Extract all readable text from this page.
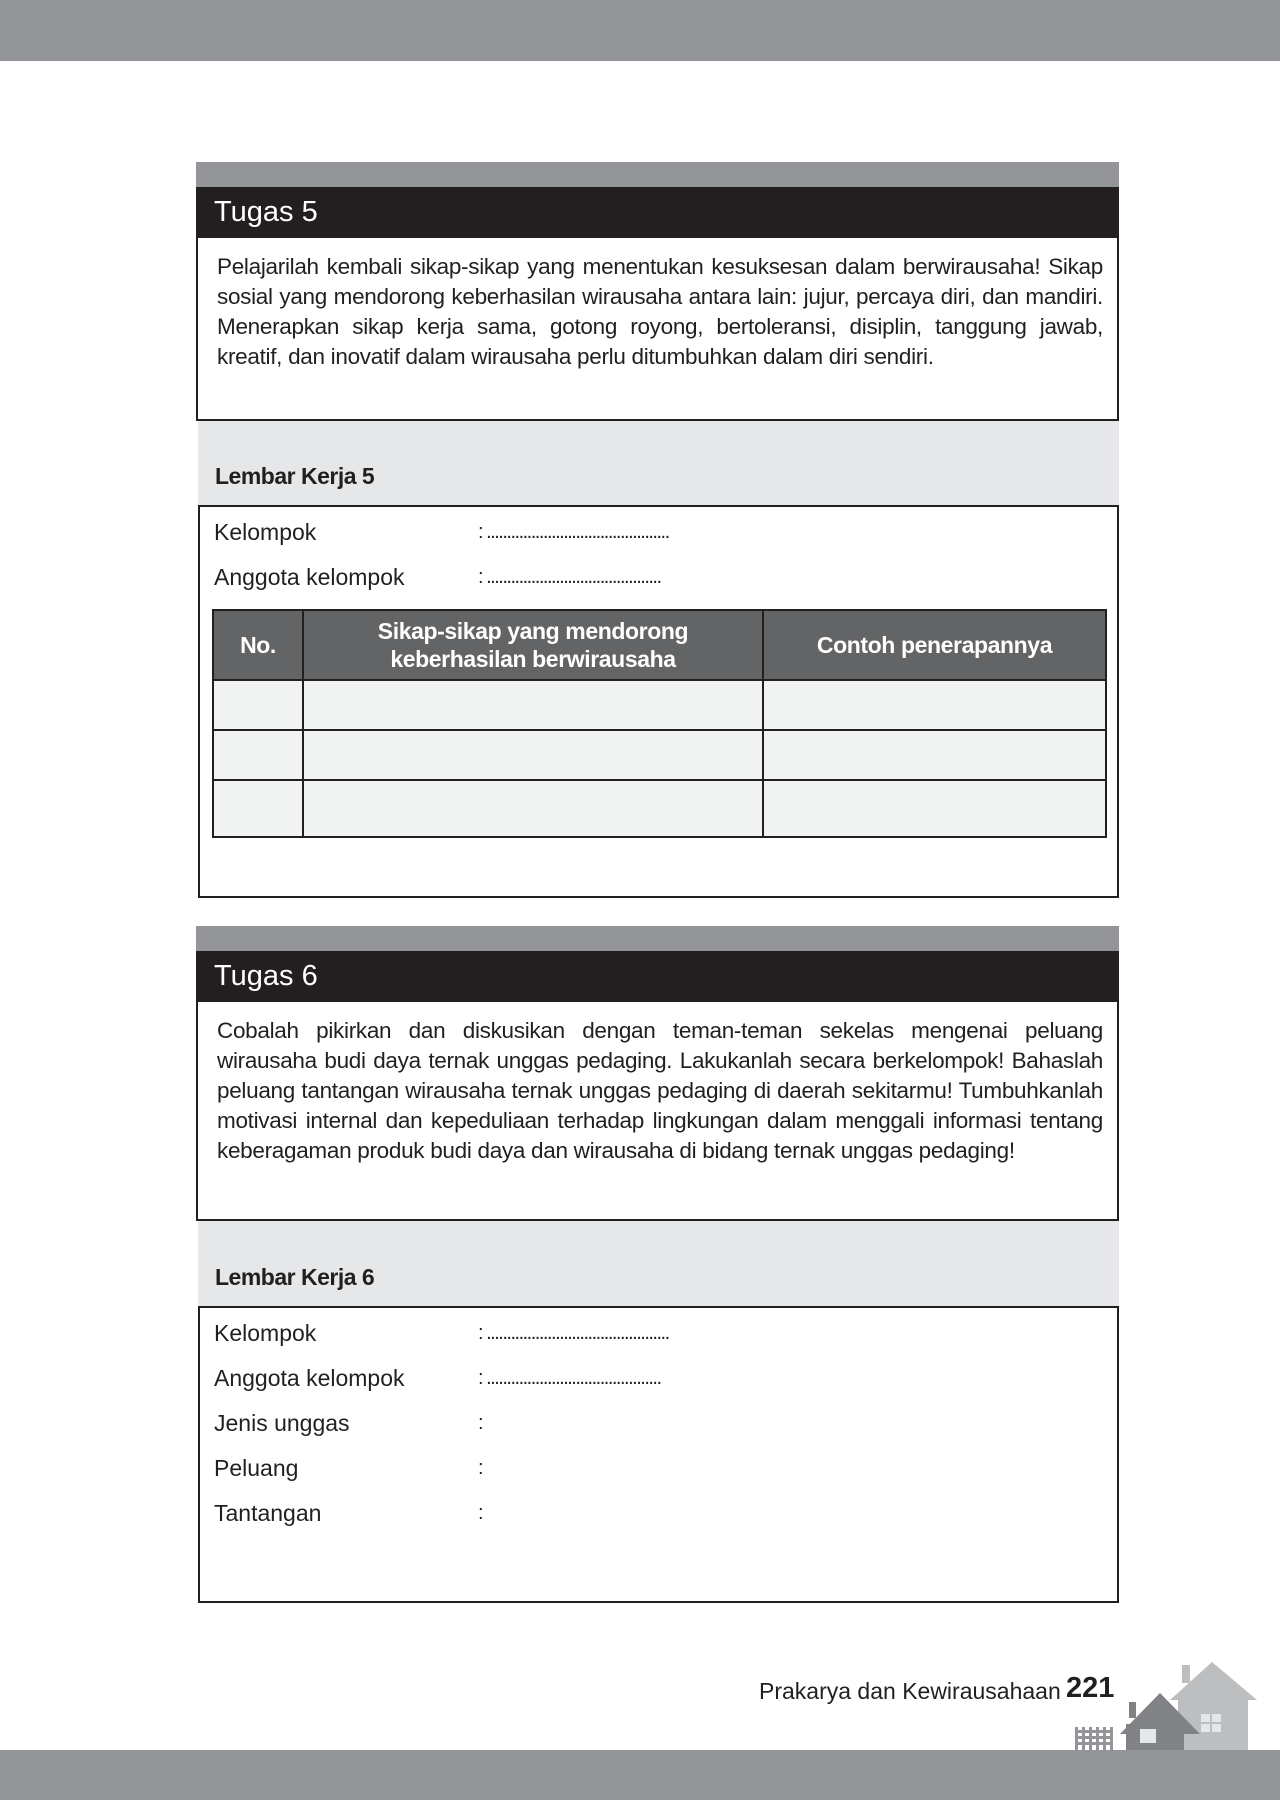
Tugas 5
Pelajarilah kembali sikap-sikap yang menentukan kesuksesan dalam berwirausaha! Sikap sosial yang mendorong keberhasilan wirausaha antara lain: jujur, percaya diri, dan mandiri. Menerapkan sikap kerja sama, gotong royong, bertoleransi, disiplin, tanggung jawab, kreatif, dan inovatif dalam wirausaha perlu ditumbuhkan dalam diri sendiri.
Lembar Kerja 5
Kelompok	: .............................................
Anggota kelompok	: ...........................................
No.	Sikap-sikap yang mendorong keberhasilan berwirausaha	Contoh penerapannya

Tugas 6
Cobalah pikirkan dan diskusikan dengan teman-teman sekelas mengenai peluang wirausaha budi daya ternak unggas pedaging. Lakukanlah secara berkelompok! Bahaslah peluang tantangan wirausaha ternak unggas pedaging di daerah sekitarmu! Tumbuhkanlah motivasi internal dan kepeduliaan terhadap lingkungan dalam menggali informasi tentang keberagaman produk budi daya dan wirausaha di bidang ternak unggas pedaging!
Lembar Kerja 6
Kelompok	: .............................................
Anggota kelompok	: ...........................................
Jenis unggas	:
Peluang	:
Tantangan	:
Prakarya dan Kewirausahaan 221
